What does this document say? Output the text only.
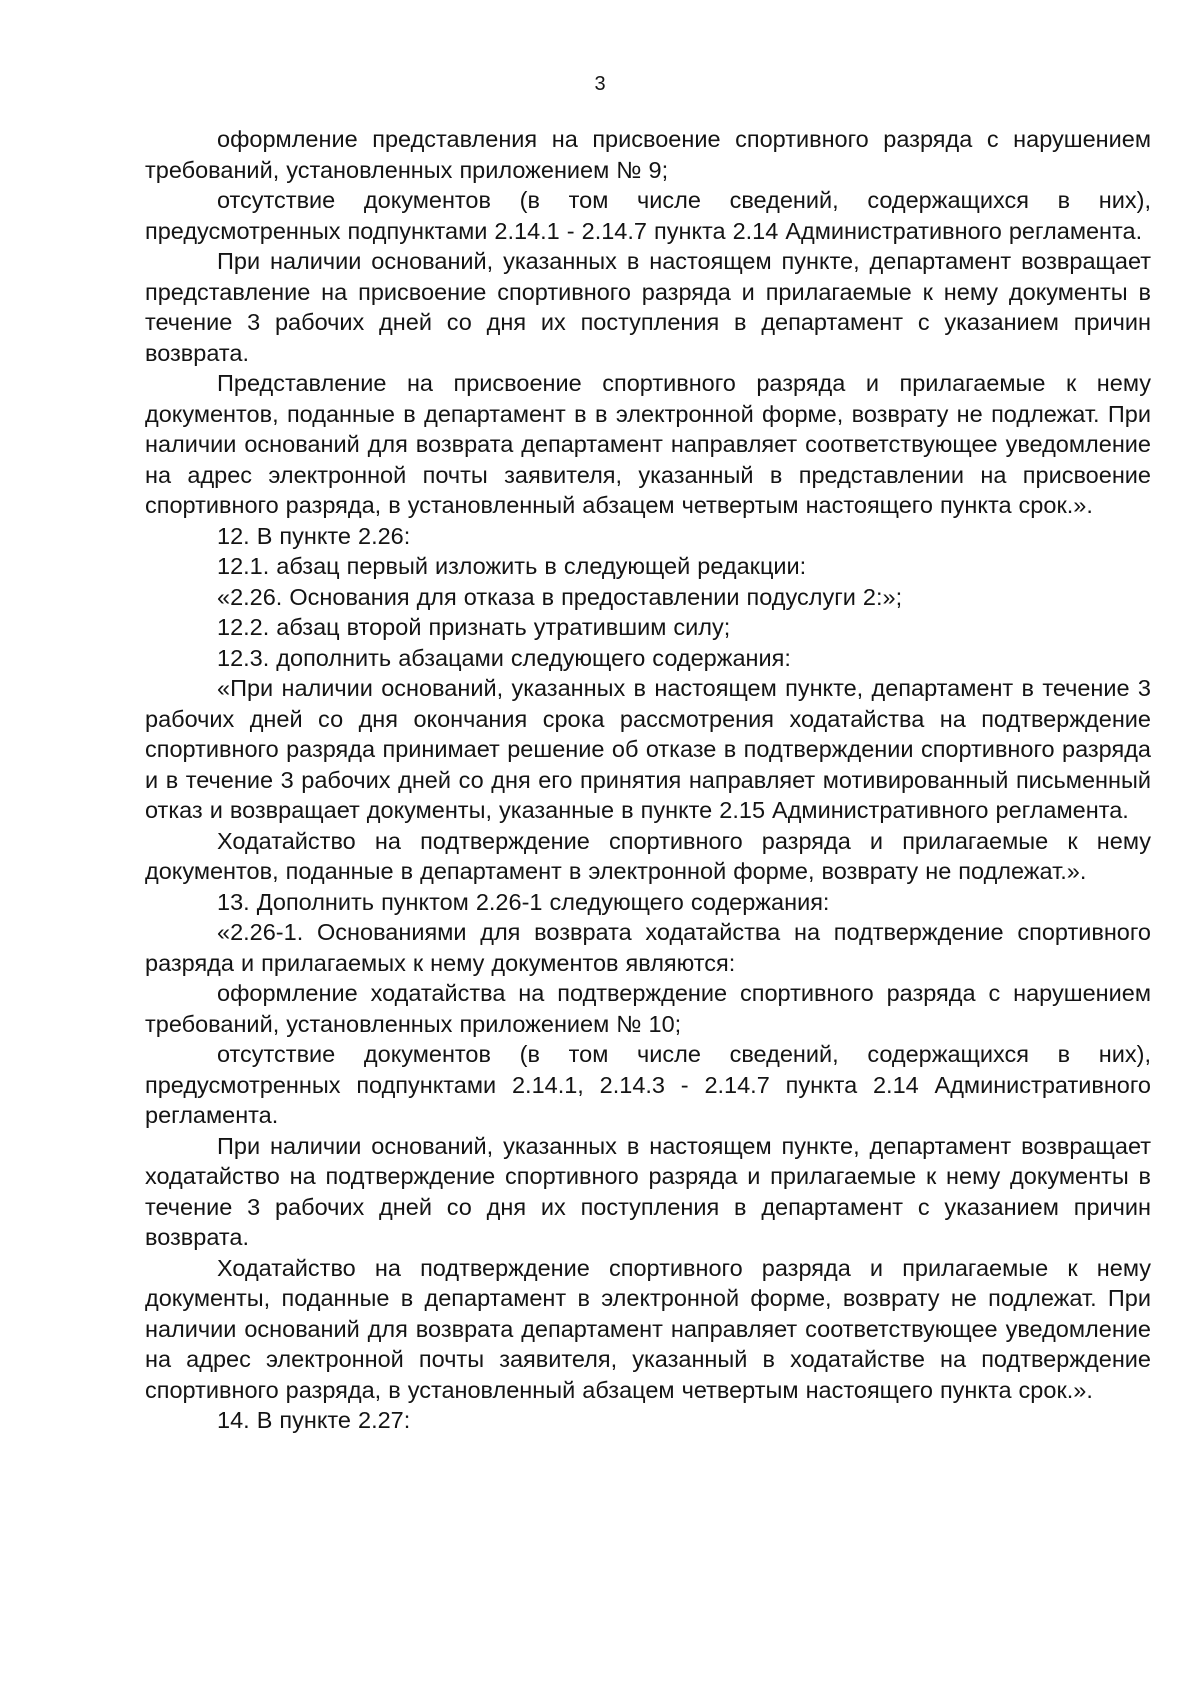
3

оформление представления на присвоение спортивного разряда с нарушением требований, установленных приложением № 9;

отсутствие документов (в том числе сведений, содержащихся в них), предусмотренных подпунктами 2.14.1 - 2.14.7 пункта 2.14 Административного регламента.

При наличии оснований, указанных в настоящем пункте, департамент возвращает представление на присвоение спортивного разряда и прилагаемые к нему документы в течение 3 рабочих дней со дня их поступления в департамент с указанием причин возврата.

Представление на присвоение спортивного разряда и прилагаемые к нему документов, поданные в департамент в в электронной форме, возврату не подлежат. При наличии оснований для возврата департамент направляет соответствующее уведомление на адрес электронной почты заявителя, указанный в представлении на присвоение спортивного разряда, в установленный абзацем четвертым настоящего пункта срок.».

12. В пункте 2.26:

12.1. абзац первый изложить в следующей редакции:

«2.26. Основания для отказа в предоставлении подуслуги 2:»;

12.2. абзац второй признать утратившим силу;

12.3. дополнить абзацами следующего содержания:

«При наличии оснований, указанных в настоящем пункте, департамент в течение 3 рабочих дней со дня окончания срока рассмотрения ходатайства на подтверждение спортивного разряда принимает решение об отказе в подтверждении спортивного разряда и в течение 3 рабочих дней со дня его принятия направляет мотивированный письменный отказ и возвращает документы, указанные в пункте 2.15 Административного регламента.

Ходатайство на подтверждение спортивного разряда и прилагаемые к нему документов, поданные в департамент в электронной форме, возврату не подлежат.».

13. Дополнить пунктом 2.26-1 следующего содержания:

«2.26-1. Основаниями для возврата ходатайства на подтверждение спортивного разряда и прилагаемых к нему документов являются:

оформление ходатайства на подтверждение спортивного разряда с нарушением требований, установленных приложением № 10;

отсутствие документов (в том числе сведений, содержащихся в них), предусмотренных подпунктами 2.14.1, 2.14.3 - 2.14.7 пункта 2.14 Административного регламента.

При наличии оснований, указанных в настоящем пункте, департамент возвращает ходатайство на подтверждение спортивного разряда и прилагаемые к нему документы в течение 3 рабочих дней со дня их поступления в департамент с указанием причин возврата.

Ходатайство на подтверждение спортивного разряда и прилагаемые к нему документы, поданные в департамент в электронной форме, возврату не подлежат. При наличии оснований для возврата департамент направляет соответствующее уведомление на адрес электронной почты заявителя, указанный в ходатайстве на подтверждение спортивного разряда, в установленный абзацем четвертым настоящего пункта срок.».

14. В пункте 2.27:
